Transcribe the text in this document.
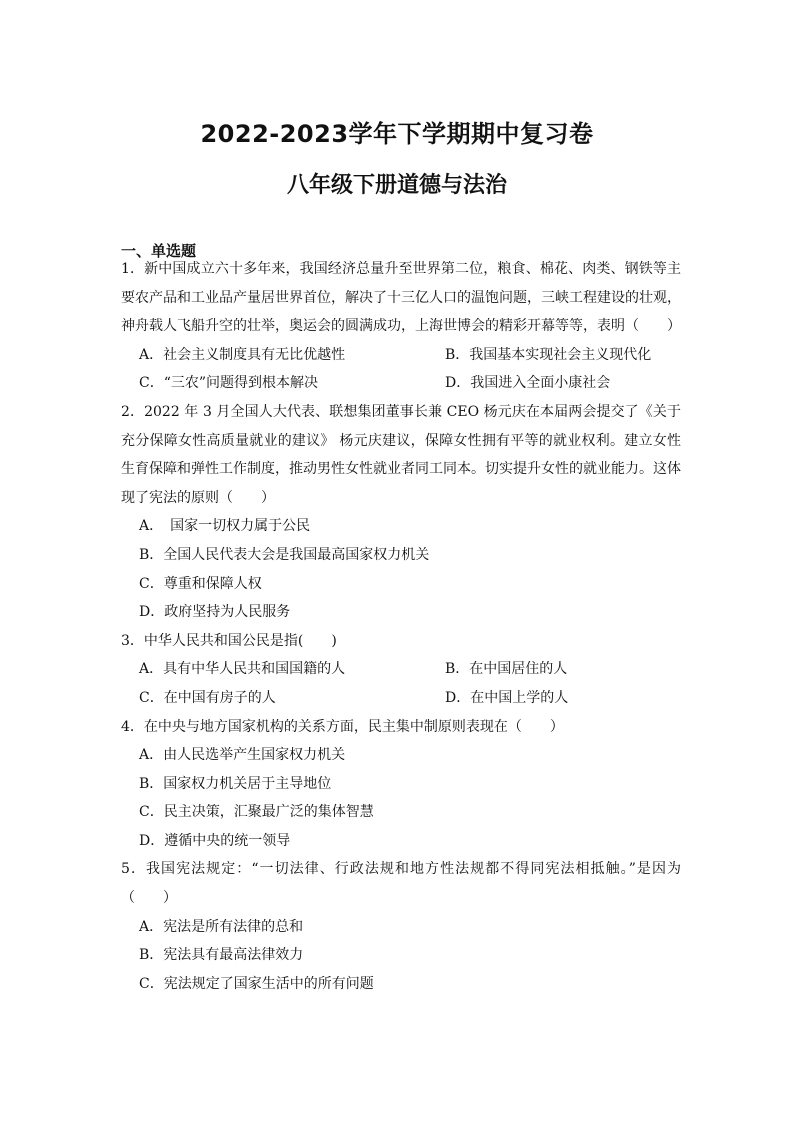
2022-2023学年下学期期中复习卷
八年级下册道德与法治
一、单选题
1．新中国成立六十多年来，我国经济总量升至世界第二位，粮食、棉花、肉类、钢铁等主要农产品和工业品产量居世界首位，解决了十三亿人口的温饱问题，三峡工程建设的壮观，神舟载人飞船升空的壮举，奥运会的圆满成功，上海世博会的精彩开幕等等，表明（　　）
A．社会主义制度具有无比优越性	B．我国基本实现社会主义现代化
C．“三农”问题得到根本解决	D．我国进入全面小康社会
2．2022 年 3 月全国人大代表、联想集团董事长兼 CEO 杨元庆在本届两会提交了《关于充分保障女性高质量就业的建议》 杨元庆建议，保障女性拥有平等的就业权利。建立女性生育保障和弹性工作制度，推动男性女性就业者同工同本。切实提升女性的就业能力。这体现了宪法的原则（　　）
A．　国家一切权力属于公民
B．全国人民代表大会是我国最高国家权力机关
C．尊重和保障人权
D．政府坚持为人民服务
3．中华人民共和国公民是指(　　)
A．具有中华人民共和国国籍的人	B．在中国居住的人
C．在中国有房子的人	D．在中国上学的人
4．在中央与地方国家机构的关系方面，民主集中制原则表现在（　　）
A．由人民选举产生国家权力机关
B．国家权力机关居于主导地位
C．民主决策，汇聚最广泛的集体智慧
D．遵循中央的统一领导
5．我国宪法规定：“一切法律、行政法规和地方性法规都不得同宪法相抵触。”是因为（　　）
A．宪法是所有法律的总和
B．宪法具有最高法律效力
C．宪法规定了国家生活中的所有问题
